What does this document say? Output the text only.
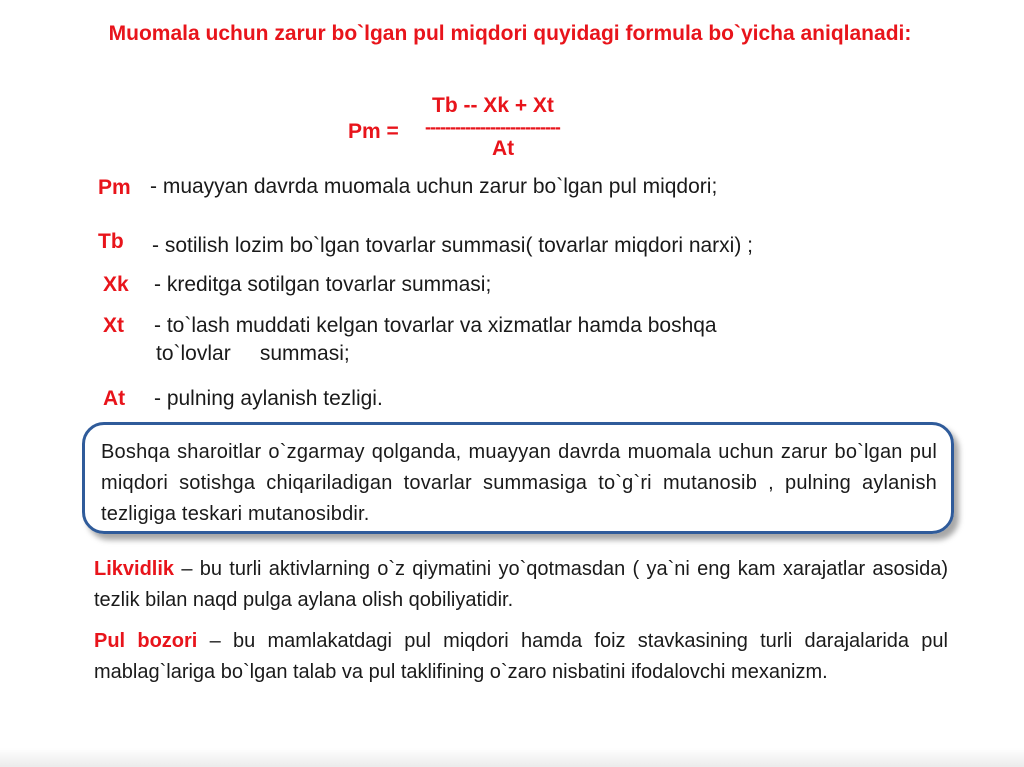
Muomala uchun zarur bo`lgan pul miqdori quyidagi formula bo`yicha aniqlanadi:
Tb -- Xk + Xt
Pm = ---------------------------
At
Pm - muayyan davrda muomala uchun zarur bo`lgan pul miqdori;
Tb - sotilish lozim bo`lgan tovarlar summasi( tovarlar miqdori narxi) ;
Xk - kreditga sotilgan tovarlar summasi;
Xt - to`lash muddati kelgan tovarlar va xizmatlar hamda boshqa
to`lovlar     summasi;
At - pulning aylanish tezligi.
Boshqa sharoitlar o`zgarmay qolganda, muayyan davrda muomala uchun zarur bo`lgan pul miqdori sotishga chiqariladigan tovarlar summasiga to`g`ri mutanosib , pulning aylanish tezligiga teskari mutanosibdir.
Likvidlik – bu turli aktivlarning o`z qiymatini yo`qotmasdan ( ya`ni eng kam xarajatlar asosida) tezlik bilan naqd pulga aylana olish qobiliyatidir.
Pul bozori – bu mamlakatdagi pul miqdori hamda foiz stavkasining turli darajalarida pul mablag`lariga bo`lgan talab va pul taklifining o`zaro nisbatini ifodalovchi mexanizm.
